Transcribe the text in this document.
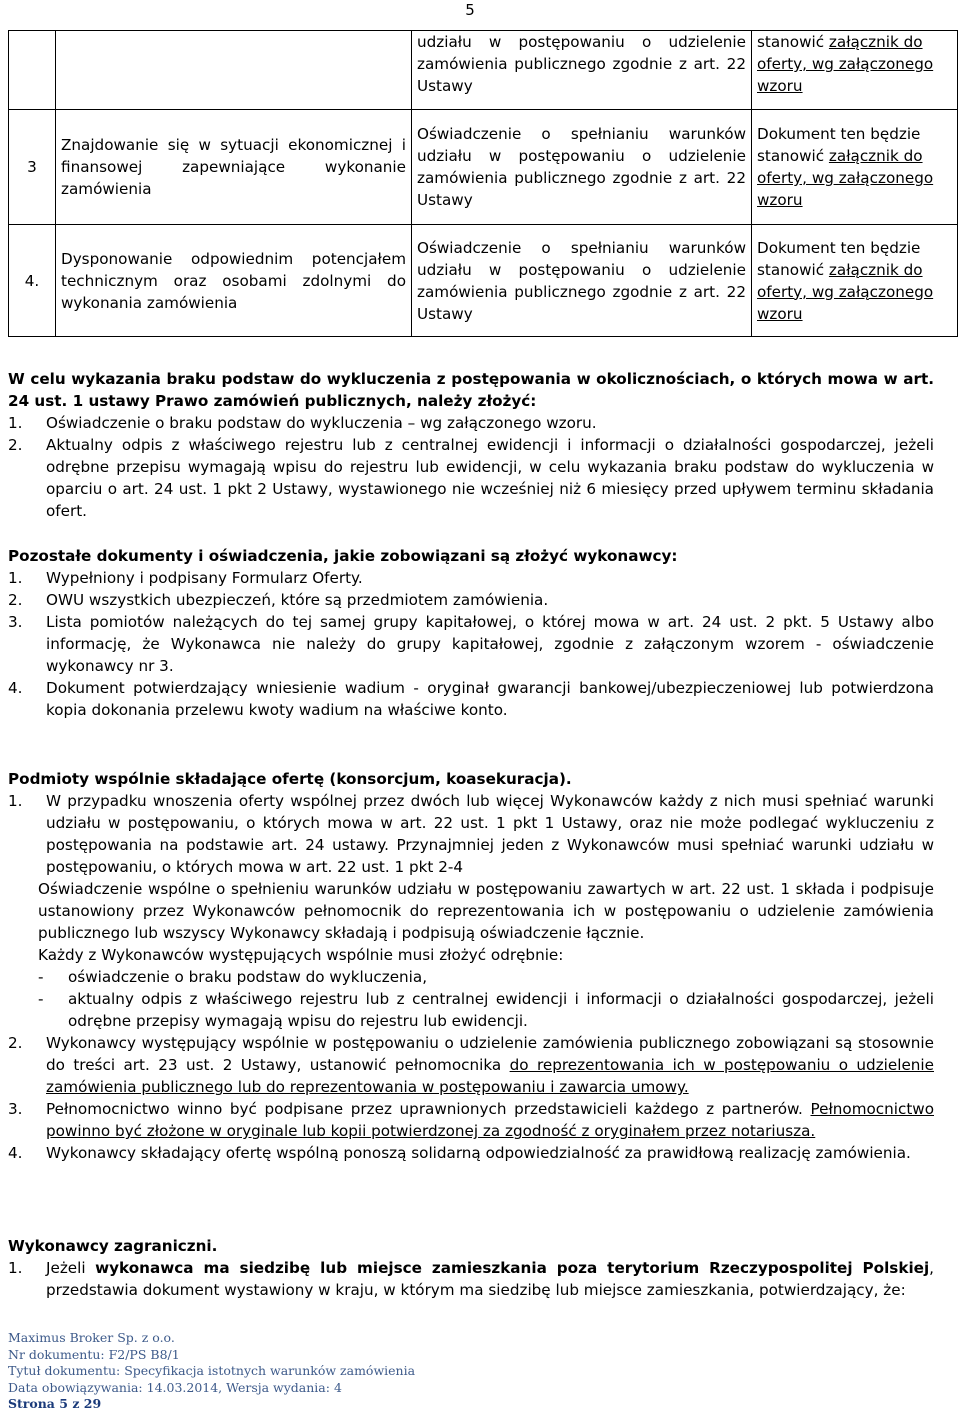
5
		udziału w postępowaniu o udzielenie zamówienia publicznego zgodnie z art. 22 Ustawy	stanowić załącznik do
oferty, wg załączonego
wzoru
3	Znajdowanie się w sytuacji ekonomicznej i finansowej zapewniające wykonanie zamówienia	Oświadczenie o spełnianiu warunków udziału w postępowaniu o udzielenie zamówienia publicznego zgodnie z art. 22 Ustawy	Dokument ten będzie
stanowić załącznik do
oferty, wg załączonego
wzoru
4.	Dysponowanie odpowiednim potencjałem technicznym oraz osobami zdolnymi do wykonania zamówienia	Oświadczenie o spełnianiu warunków udziału w postępowaniu o udzielenie zamówienia publicznego zgodnie z art. 22 Ustawy	Dokument ten będzie
stanowić załącznik do
oferty, wg załączonego
wzoru
W celu wykazania braku podstaw do wykluczenia z postępowania w okolicznościach, o których mowa w art. 24 ust. 1 ustawy Prawo zamówień publicznych, należy złożyć:
1.	Oświadczenie o braku podstaw do wykluczenia – wg załączonego wzoru.
2.	Aktualny odpis z właściwego rejestru lub z centralnej ewidencji i informacji o działalności gospodarczej, jeżeli odrębne przepisu wymagają wpisu do rejestru lub ewidencji, w celu wykazania braku podstaw do wykluczenia w oparciu o art. 24 ust. 1 pkt 2 Ustawy, wystawionego nie wcześniej niż 6 miesięcy przed upływem terminu składania ofert.
Pozostałe dokumenty i oświadczenia, jakie zobowiązani są złożyć wykonawcy:
1.	Wypełniony i podpisany Formularz Oferty.
2.	OWU wszystkich ubezpieczeń, które są przedmiotem zamówienia.
3.	Lista pomiotów należących do tej samej grupy kapitałowej, o której mowa w art. 24 ust. 2 pkt. 5 Ustawy albo informację, że Wykonawca nie należy do grupy kapitałowej, zgodnie z załączonym wzorem - oświadczenie wykonawcy nr 3.
4.	Dokument potwierdzający wniesienie wadium - oryginał gwarancji bankowej/ubezpieczeniowej lub potwierdzona kopia dokonania przelewu kwoty wadium na właściwe konto.
Podmioty wspólnie składające ofertę (konsorcjum, koasekuracja).
1.	W przypadku wnoszenia oferty wspólnej przez dwóch lub więcej Wykonawców każdy z nich musi spełniać warunki udziału w postępowaniu, o których mowa w art. 22 ust. 1 pkt 1 Ustawy, oraz nie może podlegać wykluczeniu z postępowania na podstawie art. 24 ustawy. Przynajmniej jeden z Wykonawców musi spełniać warunki udziału w postępowaniu, o których mowa w art. 22 ust. 1 pkt 2-4
Oświadczenie wspólne o spełnieniu warunków udziału w postępowaniu zawartych w art. 22 ust. 1 składa i podpisuje ustanowiony przez Wykonawców pełnomocnik do reprezentowania ich w postępowaniu o udzielenie zamówienia publicznego lub wszyscy Wykonawcy składają i podpisują oświadczenie łącznie.
Każdy z Wykonawców występujących wspólnie musi złożyć odrębnie:
-	oświadczenie o braku podstaw do wykluczenia,
-	aktualny odpis z właściwego rejestru lub z centralnej ewidencji i informacji o działalności gospodarczej, jeżeli odrębne przepisy wymagają wpisu do rejestru lub ewidencji.
2.	Wykonawcy występujący wspólnie w postępowaniu o udzielenie zamówienia publicznego zobowiązani są stosownie do treści art. 23 ust. 2 Ustawy, ustanowić pełnomocnika do reprezentowania ich w postępowaniu o udzielenie zamówienia publicznego lub do reprezentowania w postępowaniu i zawarcia umowy.
3.	Pełnomocnictwo winno być podpisane przez uprawnionych przedstawicieli każdego z partnerów. Pełnomocnictwo powinno być złożone w oryginale lub kopii potwierdzonej za zgodność z oryginałem przez notariusza.
4.	Wykonawcy składający ofertę wspólną ponoszą solidarną odpowiedzialność za prawidłową realizację zamówienia.
Wykonawcy zagraniczni.
1.	Jeżeli wykonawca ma siedzibę lub miejsce zamieszkania poza terytorium Rzeczypospolitej Polskiej, przedstawia dokument wystawiony w kraju, w którym ma siedzibę lub miejsce zamieszkania, potwierdzający, że:
Maximus Broker Sp. z o.o.
Nr dokumentu: F2/PS B8/1
Tytuł dokumentu: Specyfikacja istotnych warunków zamówienia
Data obowiązywania: 14.03.2014, Wersja wydania: 4
Strona 5 z 29
